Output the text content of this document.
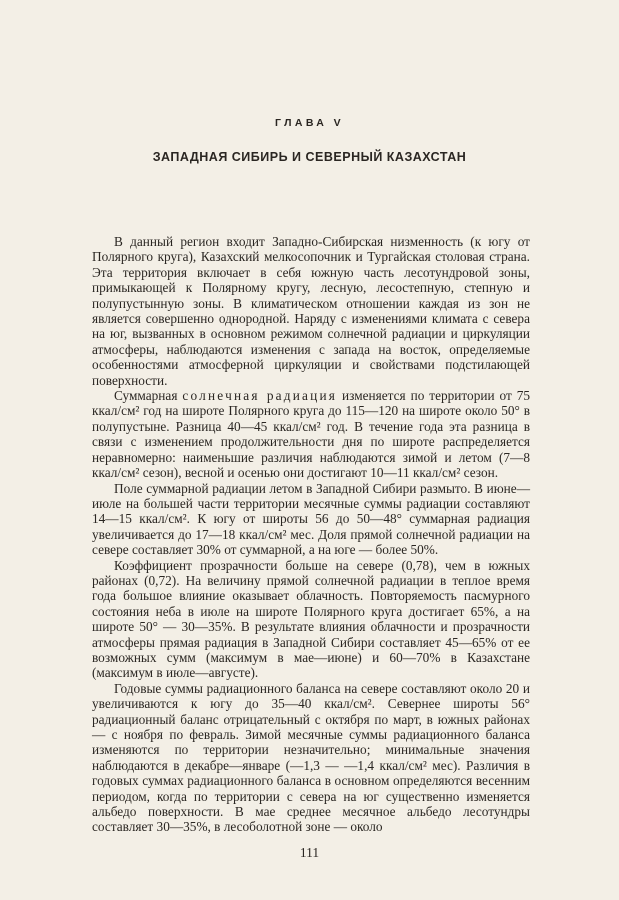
ГЛАВА V
ЗАПАДНАЯ СИБИРЬ И СЕВЕРНЫЙ КАЗАХСТАН

В данный регион входит Западно-Сибирская низменность (к югу от Полярного круга), Казахский мелкосопочник и Тургайская столовая страна. Эта территория включает в себя южную часть лесотундровой зоны, примыкающей к Полярному кругу, лесную, лесостепную, степную и полупустынную зоны. В климатическом отношении каждая из зон не является совершенно однородной. Наряду с изменениями климата с севера на юг, вызванных в основном режимом солнечной радиации и циркуляции атмосферы, наблюдаются изменения с запада на восток, определяемые особенностями атмосферной циркуляции и свойствами подстилающей поверхности.

Суммарная солнечная радиация изменяется по территории от 75 ккал/см² год на широте Полярного круга до 115—120 на широте около 50° в полупустыне. Разница 40—45 ккал/см² год. В течение года эта разница в связи с изменением продолжительности дня по широте распределяется неравномерно: наименьшие различия наблюдаются зимой и летом (7—8 ккал/см² сезон), весной и осенью они достигают 10—11 ккал/см² сезон.

Поле суммарной радиации летом в Западной Сибири размыто. В июне—июле на большей части территории месячные суммы радиации составляют 14—15 ккал/см². К югу от широты 56 до 50—48° суммарная радиация увеличивается до 17—18 ккал/см² мес. Доля прямой солнечной радиации на севере составляет 30% от суммарной, а на юге — более 50%.

Коэффициент прозрачности больше на севере (0,78), чем в южных районах (0,72). На величину прямой солнечной радиации в теплое время года большое влияние оказывает облачность. Повторяемость пасмурного состояния неба в июле на широте Полярного круга достигает 65%, а на широте 50° — 30—35%. В результате влияния облачности и прозрачности атмосферы прямая радиация в Западной Сибири составляет 45—65% от ее возможных сумм (максимум в мае—июне) и 60—70% в Казахстане (максимум в июле—августе).

Годовые суммы радиационного баланса на севере составляют около 20 и увеличиваются к югу до 35—40 ккал/см². Севернее широты 56° радиационный баланс отрицательный с октября по март, в южных районах — с ноября по февраль. Зимой месячные суммы радиационного баланса изменяются по территории незначительно; минимальные значения наблюдаются в декабре—январе (—1,3 — —1,4 ккал/см² мес). Различия в годовых суммах радиационного баланса в основном определяются весенним периодом, когда по территории с севера на юг существенно изменяется альбедо поверхности. В мае среднее месячное альбедо лесотундры составляет 30—35%, в лесоболотной зоне — около

111
